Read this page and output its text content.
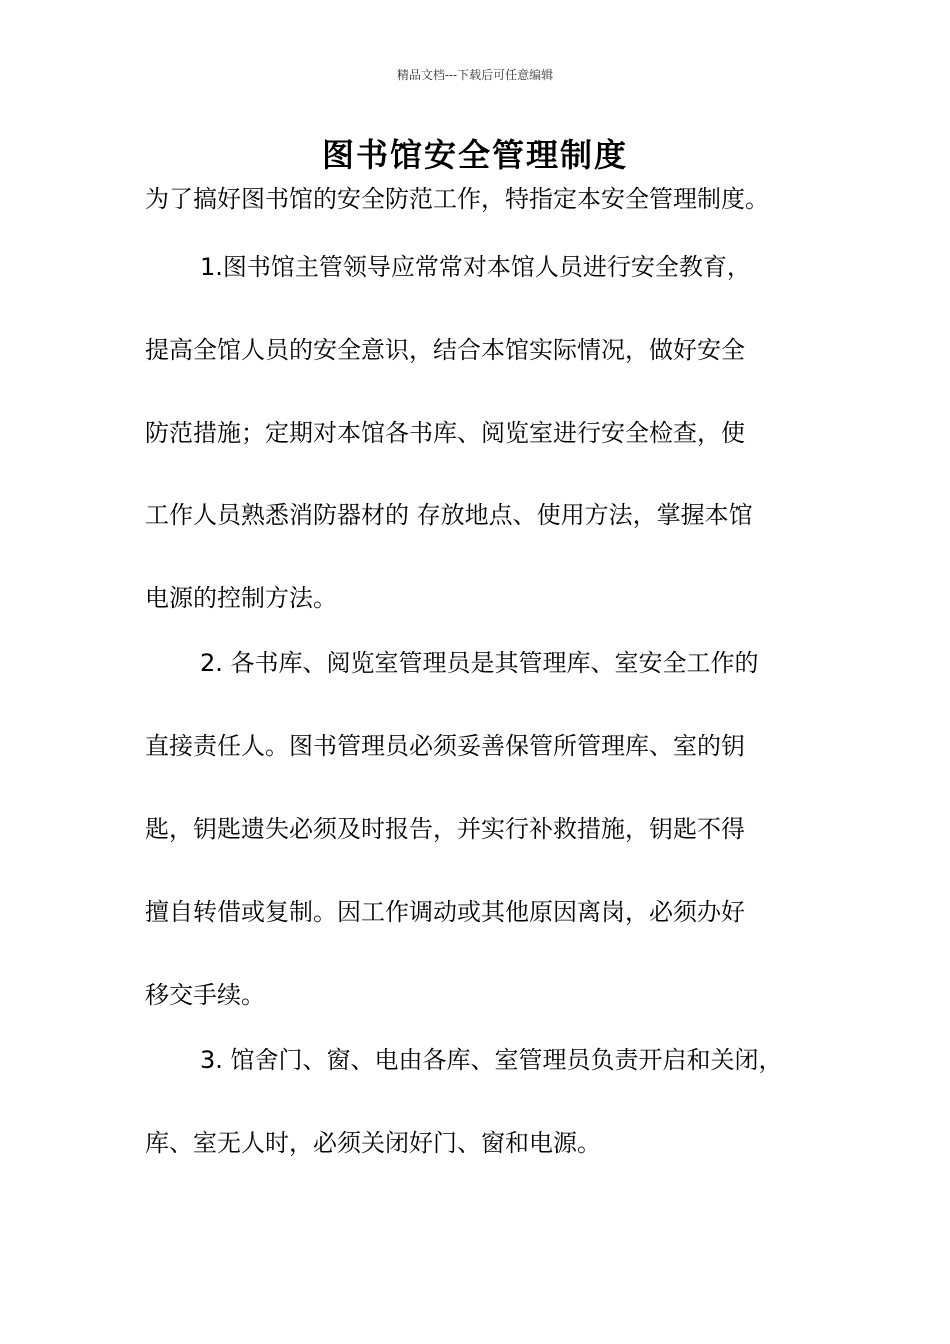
精品文档---下载后可任意编辑
图书馆安全管理制度
为了搞好图书馆的安全防范工作，特指定本安全管理制度。
1.图书馆主管领导应常常对本馆人员进行安全教育，
提高全馆人员的安全意识，结合本馆实际情况，做好安全
防范措施；定期对本馆各书库、阅览室进行安全检查，使
工作人员熟悉消防器材的 存放地点、使用方法，掌握本馆
电源的控制方法。
2. 各书库、阅览室管理员是其管理库、室安全工作的
直接责任人。图书管理员必须妥善保管所管理库、室的钥
匙，钥匙遗失必须及时报告，并实行补救措施，钥匙不得
擅自转借或复制。因工作调动或其他原因离岗，必须办好
移交手续。
3. 馆舍门、窗、电由各库、室管理员负责开启和关闭，
库、室无人时，必须关闭好门、窗和电源。
